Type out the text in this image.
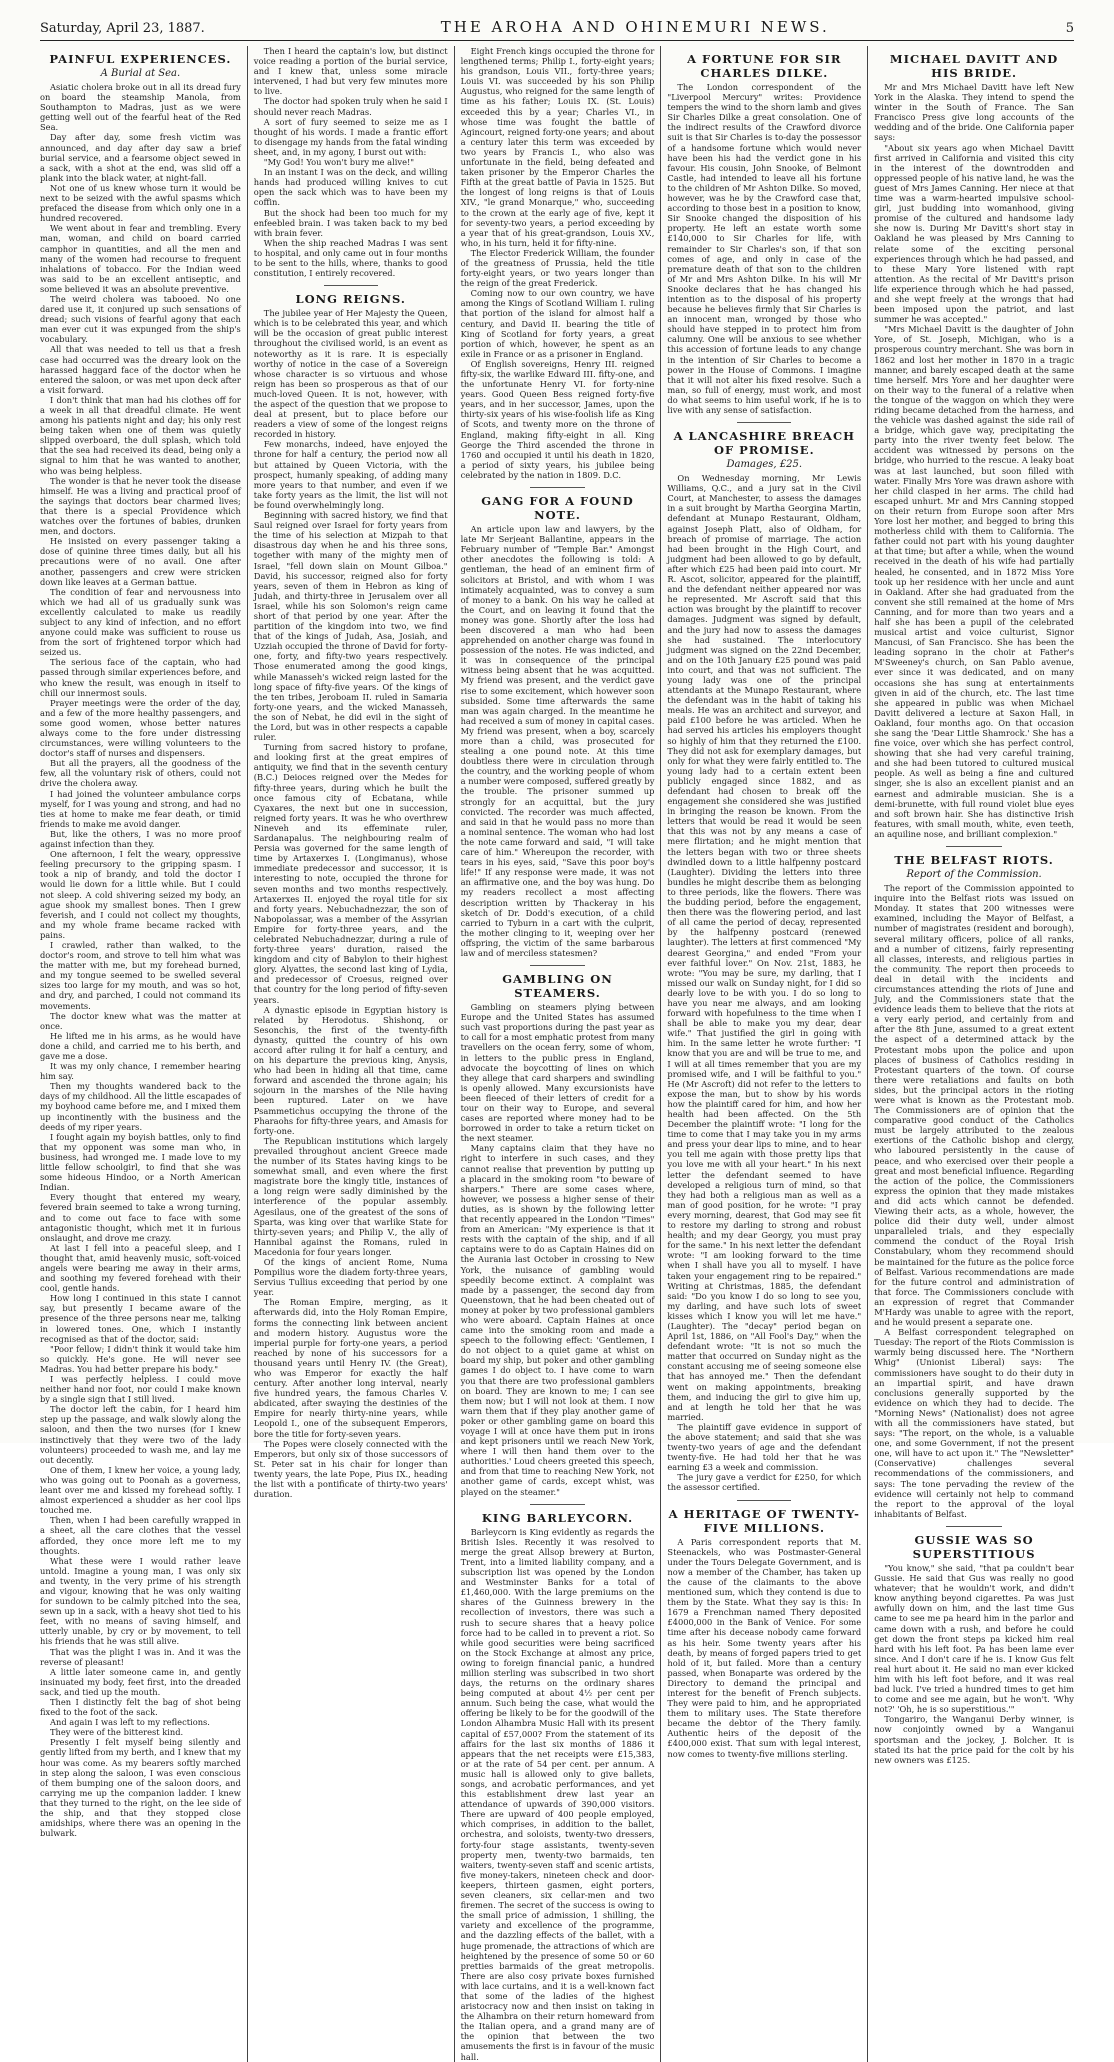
Saturday, April 23, 1887.	THE AROHA AND OHINEMURI NEWS.	5
PAINFUL EXPERIENCES.
A Burial at Sea.

Asiatic cholera broke out in all its dread fury on board the steamship Manola, from Southampton to Madras, just as we were getting well out of the fearful heat of the Red Sea.

Day after day, some fresh victim was announced, and day after day saw a brief burial service, and a fearsome object sewed in a sack, with a shot at the end, was slid off a plank into the black water, at night-fall.

Not one of us knew whose turn it would be next to be seized with the awful spasms which prefaced the disease from which only one in a hundred recovered.

We went about in fear and trembling. Every man, woman, and child on board carried camphor in quantities, and all the men and many of the women had recourse to frequent inhalations of tobacco. For the Indian weed was said to be an excellent antiseptic, and some believed it was an absolute preventive.

The weird cholera was tabooed. No one dared use it, it conjured up such sensations of dread; such visions of fearful agony that each man ever cut it was expunged from the ship's vocabulary.

All that was needed to tell us that a fresh case had occurred was the dreary look on the harassed haggard face of the doctor when he entered the saloon, or was met upon deck after a visit forward.

I don't think that man had his clothes off for a week in all that dreadful climate. He went among his patients night and day; his only rest being taken when one of them was quietly slipped overboard, the dull splash, which told that the sea had received its dead, being only a signal to him that he was wanted to another, who was being helpless.

The wonder is that he never took the disease himself. He was a living and practical proof of the sayings that doctors bear charmed lives; that there is a special Providence which watches over the fortunes of babies, drunken men, and doctors.

He insisted on every passenger taking a dose of quinine three times daily, but all his precautions were of no avail. One after another, passengers and crew were stricken down like leaves at a German battue.

The condition of fear and nervousness into which we had all of us gradually sunk was excellently calculated to make us readily subject to any kind of infection, and no effort anyone could make was sufficient to rouse us from the sort of frightened torpor which had seized us.

The serious face of the captain, who had passed through similar experiences before, and who knew the result, was enough in itself to chill our innermost souls.

Prayer meetings were the order of the day, and a few of the more healthy passengers, and some good women, whose better natures always come to the fore under distressing circumstances, were willing volunteers to the doctor's staff of nurses and dispensers.

But all the prayers, all the goodness of the few, all the voluntary risk of others, could not drive the cholera away.

I had joined the volunteer ambulance corps myself, for I was young and strong, and had no ties at home to make me fear death, or timid friends to make me avoid danger.

But, like the others, I was no more proof against infection than they.

One afternoon, I felt the weary, oppressive feeling precursory to the gripping spasm. I took a nip of brandy, and told the doctor I would lie down for a little while. But I could not sleep. A cold shivering seized my body, an ague shook my smallest bones. Then I grew feverish, and I could not collect my thoughts, and my whole frame became racked with pains.

I crawled, rather than walked, to the doctor's room, and strove to tell him what was the matter with me, but my forehead burned, and my tongue seemed to be swelled several sizes too large for my mouth, and was so hot, and dry, and parched, I could not command its movements.

The doctor knew what was the matter at once.

He lifted me in his arms, as he would have done a child, and carried me to his berth, and gave me a dose.

It was my only chance, I remember hearing him say.

Then my thoughts wandered back to the days of my childhood. All the little escapades of my boyhood came before me, and I mixed them up incontinently with the business and the deeds of my riper years.

I fought again my boyish battles, only to find that my opponent was some man who, in business, had wronged me. I made love to my little fellow schoolgirl, to find that she was some hideous Hindoo, or a North American Indian.

Every thought that entered my weary, fevered brain seemed to take a wrong turning, and to come out face to face with some antagonistic thought, which met it in furious onslaught, and drove me crazy.

At last I fell into a peaceful sleep, and I thought that, amid heavenly music, soft-voiced angels were bearing me away in their arms, and soothing my fevered forehead with their cool, gentle hands.

How long I continued in this state I cannot say, but presently I became aware of the presence of the three persons near me, talking in lowered tones. One, which I instantly recognised as that of the doctor, said:

"Poor fellow; I didn't think it would take him so quickly. He's gone. He will never see Madras. You had better prepare his body."

I was perfectly helpless. I could move neither hand nor foot, nor could I make known by a single sign that I still lived.

The doctor left the cabin, for I heard him step up the passage, and walk slowly along the saloon, and then the two nurses (for I knew instinctively that they were two of the lady volunteers) proceeded to wash me, and lay me out decently.

One of them, I knew her voice, a young lady, who was going out to Poonah as a governess, leant over me and kissed my forehead softly. I almost experienced a shudder as her cool lips touched me.

Then, when I had been carefully wrapped in a sheet, all the care clothes that the vessel afforded, they once more left me to my thoughts.

What these were I would rather leave untold. Imagine a young man, I was only six and twenty, in the very prime of his strength and vigour, knowing that he was only waiting for sundown to be calmly pitched into the sea, sewn up in a sack, with a heavy shot tied to his feet, with no means of saving himself, and utterly unable, by cry or by movement, to tell his friends that he was still alive.

That was the plight I was in. And it was the reverse of pleasant!

A little later someone came in, and gently insinuated my body, feet first, into the dreaded sack, and tied up the mouth.

Then I distinctly felt the bag of shot being fixed to the foot of the sack.

And again I was left to my reflections.

They were of the bitterest kind.

Presently I felt myself being silently and gently lifted from my berth, and I knew that my hour was come. As my bearers softly marched in step along the saloon, I was even conscious of them bumping one of the saloon doors, and carrying me up the companion ladder. I knew that they turned to the right, on the lee side of the ship, and that they stopped close amidships, where there was an opening in the bulwark.

Then I heard the captain's low, but distinct voice reading a portion of the burial service, and I knew that, unless some miracle intervened, I had but very few minutes more to live.

The doctor had spoken truly when he said I should never reach Madras.

A sort of fury seemed to seize me as I thought of his words. I made a frantic effort to disengage my hands from the fatal winding sheet, and, in my agony, I burst out with:

"My God! You won't bury me alive!"

In an instant I was on the deck, and willing hands had produced willing knives to cut open the sack which was to have been my coffin.

But the shock had been too much for my enfeebled brain. I was taken back to my bed with brain fever.

When the ship reached Madras I was sent to hospital, and only came out in four months to be sent to the hills, where, thanks to good constitution, I entirely recovered.

LONG REIGNS.

The jubilee year of Her Majesty the Queen, which is to be celebrated this year, and which will be the occasion of great public interest throughout the civilised world, is an event as noteworthy as it is rare. It is especially worthy of notice in the case of a Sovereign whose character is so virtuous and whose reign has been so prosperous as that of our much-loved Queen. It is not, however, with the aspect of the question that we propose to deal at present, but to place before our readers a view of some of the longest reigns recorded in history.

Few monarchs, indeed, have enjoyed the throne for half a century, the period now all but attained by Queen Victoria, with the prospect, humanly speaking, of adding many more years to that number, and even if we take forty years as the limit, the list will not be found overwhelmingly long.

Beginning with sacred history, we find that Saul reigned over Israel for forty years from the time of his selection at Mizpah to that disastrous day when he and his three sons, together with many of the mighty men of Israel, "fell down slain on Mount Gilboa." David, his successor, reigned also for forty years, seven of them in Hebron as king of Judah, and thirty-three in Jerusalem over all Israel, while his son Solomon's reign came short of that period by one year. After the partition of the kingdom into two, we find that of the kings of Judah, Asa, Josiah, and Uzziah occupied the throne of David for forty-one, forty, and fifty-two years respectively. Those enumerated among the good kings, while Manasseh's wicked reign lasted for the long space of fifty-five years. Of the kings of the ten tribes, Jeroboam II. ruled in Samaria forty-one years, and the wicked Manasseh, the son of Nebat, he did evil in the sight of the Lord, but was in other respects a capable ruler.

Turning from sacred history to profane, and looking first at the great empires of antiquity, we find that in the seventh century (B.C.) Deioces reigned over the Medes for fifty-three years, during which he built the once famous city of Ecbatana, while Cyaxares, the next but one in succession, reigned forty years. It was he who overthrew Nineveh and its effeminate ruler, Sardanapalus. The neighbouring realm of Persia was governed for the same length of time by Artaxerxes I. (Longimanus), whose immediate predecessor and successor, it is interesting to note, occupied the throne for seven months and two months respectively. Artaxerxes II. enjoyed the royal title for six and forty years. Nebuchadnezzar, the son of Nabopolassar, was a member of the Assyrian Empire for forty-three years, and the celebrated Nebuchadnezzar, during a rule of forty-three years' duration, raised the kingdom and city of Babylon to their highest glory. Alyattes, the second last king of Lydia, and predecessor of Croesus, reigned over that country for the long period of fifty-seven years.

A dynastic episode in Egyptian history is related by Herodotus. Shishonq, or Sesonchis, the first of the twenty-fifth dynasty, quitted the country of his own accord after ruling it for half a century, and on his departure the previous king, Anysis, who had been in hiding all that time, came forward and ascended the throne again; his sojourn in the marshes of the Nile having been ruptured. Later on we have Psammetichus occupying the throne of the Pharaohs for fifty-three years, and Amasis for forty-one.

The Republican institutions which largely prevailed throughout ancient Greece made the number of its States having kings to be somewhat small, and even where the first magistrate bore the kingly title, instances of a long reign were sadly diminished by the interference of the popular assembly. Agesilaus, one of the greatest of the sons of Sparta, was king over that warlike State for thirty-seven years; and Philip V., the ally of Hannibal against the Romans, ruled in Macedonia for four years longer.

Of the kings of ancient Rome, Numa Pompilius wore the diadem forty-three years, Servius Tullius exceeding that period by one year.

The Roman Empire, merging, as it afterwards did, into the Holy Roman Empire, forms the connecting link between ancient and modern history. Augustus wore the imperial purple for forty-one years, a period reached by none of his successors for a thousand years until Henry IV. (the Great), who was Emperor for exactly the half century. After another long interval, nearly five hundred years, the famous Charles V. abdicated, after swaying the destinies of the Empire for nearly thirty-nine years, while Leopold I., one of the subsequent Emperors, bore the title for forty-seven years.

The Popes were closely connected with the Emperors, but only six of those successors of St. Peter sat in his chair for longer than twenty years, the late Pope, Pius IX., heading the list with a pontificate of thirty-two years' duration.

Eight French kings occupied the throne for lengthened terms; Philip I., forty-eight years; his grandson, Louis VII., forty-three years; Louis VI. was succeeded by his son Philip Augustus, who reigned for the same length of time as his father; Louis IX. (St. Louis) exceeded this by a year; Charles VI., in whose time was fought the battle of Agincourt, reigned forty-one years; and about a century later this term was exceeded by two years by Francis I., who also was unfortunate in the field, being defeated and taken prisoner by the Emperor Charles the Fifth at the great battle of Pavia in 1525. But the longest of long reigns is that of Louis XIV., "le grand Monarque," who, succeeding to the crown at the early age of five, kept it for seventy-two years, a period exceeding by a year that of his great-grandson, Louis XV., who, in his turn, held it for fifty-nine.

The Elector Frederick William, the founder of the greatness of Prussia, held the title forty-eight years, or two years longer than the reign of the great Frederick.

Coming now to our own country, we have among the Kings of Scotland William I. ruling that portion of the island for almost half a century, and David II. bearing the title of King of Scotland for forty years, a great portion of which, however, he spent as an exile in France or as a prisoner in England.

Of English sovereigns, Henry III. reigned fifty-six, the warlike Edward III. fifty-one, and the unfortunate Henry VI. for forty-nine years. Good Queen Bess reigned forty-five years, and in her successor, James, upon the thirty-six years of his wise-foolish life as King of Scots, and twenty more on the throne of England, making fifty-eight in all. King George the Third ascended the throne in 1760 and occupied it until his death in 1820, a period of sixty years, his jubilee being celebrated by the nation in 1809. D.C.

GANG FOR A FOUND NOTE.

An article upon law and lawyers, by the late Mr Serjeant Ballantine, appears in the February number of "Temple Bar." Amongst other anecdotes the following is told: A gentleman, the head of an eminent firm of solicitors at Bristol, and with whom I was intimately acquainted, was to convey a sum of money to a bank. On his way he called at the Court, and on leaving it found that the money was gone. Shortly after the loss had been discovered a man who had been apprehended on another charge was found in possession of the notes. He was indicted, and it was in consequence of the principal witness being absent that he was acquitted. My friend was present, and the verdict gave rise to some excitement, which however soon subsided. Some time afterwards the same man was again charged. In the meantime he had received a sum of money in capital cases. My friend was present, when a boy, scarcely more than a child, was prosecuted for stealing a one pound note. At this time doubtless there were in circulation through the country, and the working people of whom a number were composed, suffered greatly by the trouble. The prisoner summed up strongly for an acquittal, but the jury convicted. The recorder was much affected, and said in that he would pass no more than a nominal sentence. The woman who had lost the note came forward and said, "I will take care of him." Whereupon the recorder, with tears in his eyes, said, "Save this poor boy's life!" If any response were made, it was not an affirmative one, and the boy was hung. Do my readers recollect a most affecting description written by Thackeray in his sketch of Dr. Dodd's execution, of a child carried to Tyburn in a cart with the culprit, the mother clinging to it, weeping over her offspring, the victim of the same barbarous law and of merciless statesmen?

GAMBLING ON STEAMERS.

Gambling on steamers plying between Europe and the United States has assumed such vast proportions during the past year as to call for a most emphatic protest from many travellers on the ocean ferry, some of whom, in letters to the public press in England, advocate the boycotting of lines on which they allege that card sharpers and swindling is openly allowed. Many excursionists have been fleeced of their letters of credit for a tour on their way to Europe, and several cases are reported where money had to be borrowed in order to take a return ticket on the next steamer.

Many captains claim that they have no right to interfere in such cases, and they cannot realise that prevention by putting up a placard in the smoking room "to beware of sharpers." There are some cases where, however, we possess a higher sense of their duties, as is shown by the following letter that recently appeared in the London "Times" from an American: "My experience is that it rests with the captain of the ship, and if all captains were to do as Captain Haines did on the Aurania last October in crossing to New York, the nuisance of gambling would speedily become extinct. A complaint was made by a passenger, the second day from Queenstown, that he had been cheated out of money at poker by two professional gamblers who were aboard. Captain Haines at once came into the smoking room and made a speech to the following effect: 'Gentlemen, I do not object to a quiet game at whist on board my ship, but poker and other gambling games I do object to. I have come to warn you that there are two professional gamblers on board. They are known to me; I can see them now; but I will not look at them. I now warn them that if they play another game of poker or other gambling game on board this voyage I will at once have them put in irons and kept prisoners until we reach New York, where I will then hand them over to the authorities.' Loud cheers greeted this speech, and from that time to reaching New York, not another game of cards, except whist, was played on the steamer."

KING BARLEYCORN.

Barleycorn is King evidently as regards the British Isles. Recently it was resolved to merge the great Allsop brewery at Burton, Trent, into a limited liability company, and a subscription list was opened by the London and Westminster Banks for a total of £1,460,000. With the large premiums on the shares of the Guinness brewery in the recollection of investors, there was such a rush to secure shares that a heavy police force had to be called in to prevent a riot. So while good securities were being sacrificed on the Stock Exchange at almost any price, owing to foreign financial panic, a hundred million sterling was subscribed in two short days, the returns on the ordinary shares being computed at about 4½ per cent per annum. Such being the case, what would the offering be likely to be for the goodwill of the London Alhambra Music Hall with its present capital of £57,000? From the statement of its affairs for the last six months of 1886 it appears that the net receipts were £15,383, or at the rate of 54 per cent. per annum. A music hall is allowed only to give ballets, songs, and acrobatic performances, and yet this establishment drew last year an attendance of upwards of 390,000 visitors. There are upward of 400 people employed, which comprises, in addition to the ballet, orchestra, and soloists, twenty-two dressers, forty-four stage assistants, twenty-seven property men, twenty-two barmaids, ten waiters, twenty-seven staff and scenic artists, five money-takers, nineteen check and door-keepers, thirteen gasmen, eight porters, seven cleaners, six cellar-men and two firemen. The secret of the success is owing to the small price of admission, 1 shilling, the variety and excellence of the programme, and the dazzling effects of the ballet, with a huge promenade, the attractions of which are heightened by the presence of some 50 or 60 pretties barmaids of the great metropolis. There are also cosy private boxes furnished with lace curtains, and it is a well-known fact that some of the ladies of the highest aristocracy now and then insist on taking in the Alhambra on their return homeward from the Italian opera, and a grand many are of the opinion that between the two amusements the first is in favour of the music hall.

A FORTUNE FOR SIR CHARLES DILKE.

The London correspondent of the "Liverpool Mercury" writes: Providence tempers the wind to the shorn lamb and gives Sir Charles Dilke a great consolation. One of the indirect results of the Crawford divorce suit is that Sir Charles is to-day the possessor of a handsome fortune which would never have been his had the verdict gone in his favour. His cousin, John Snooke, of Belmont Castle, had intended to leave all his fortune to the children of Mr Ashton Dilke. So moved, however, was he by the Crawford case that, according to those best in a position to know, Sir Snooke changed the disposition of his property. He left an estate worth some £140,000 to Sir Charles for life, with remainder to Sir Charles's son, if that son comes of age, and only in case of the premature death of that son to the children of Mr and Mrs Ashton Dilke. In his will Mr Snooke declares that he has changed his intention as to the disposal of his property because he believes firmly that Sir Charles is an innocent man, wronged by those who should have stepped in to protect him from calumny. One will be anxious to see whether this accession of fortune leads to any change in the intention of Sir Charles to become a power in the House of Commons. I imagine that it will not alter his fixed resolve. Such a man, so full of energy, must work, and most do what seems to him useful work, if he is to live with any sense of satisfaction.

A LANCASHIRE BREACH OF PROMISE.
Damages, £25.

On Wednesday morning, Mr Lewis Williams, Q.C., and a jury sat in the Civil Court, at Manchester, to assess the damages in a suit brought by Martha Georgina Martin, defendant at Munapo Restaurant, Oldham, against Joseph Platt, also of Oldham, for breach of promise of marriage. The action had been brought in the High Court, and judgment had been allowed to go by default, after which £25 had been paid into court. Mr R. Ascot, solicitor, appeared for the plaintiff, and the defendant neither appeared nor was he represented. Mr Ascroft said that this action was brought by the plaintiff to recover damages. Judgment was signed by default, and the jury had now to assess the damages she had sustained. The interlocutory judgment was signed on the 22nd December, and on the 10th January £25 pound was paid into court, and that was not sufficient. The young lady was one of the principal attendants at the Munapo Restaurant, where the defendant was in the habit of taking his meals. He was an architect and surveyor, and paid £100 before he was articled. When he had served his articles his employers thought so highly of him that they returned the £100. They did not ask for exemplary damages, but only for what they were fairly entitled to. The young lady had to a certain extent been publicly engaged since 1882, and as defendant had chosen to break off the engagement she considered she was justified in bringing the reason be known. From the letters that would be read it would be seen that this was not by any means a case of mere flirtation; and he might mention that the letters began with two or three sheets dwindled down to a little halfpenny postcard (Laughter). Dividing the letters into three bundles he might describe them as belonging to three periods, like the flowers. There was the budding period, before the engagement, then there was the flowering period, and last of all came the period of decay, represented by the halfpenny postcard (renewed laughter). The letters at first commenced "My dearest Georgina," and ended "From your ever faithful lover." On Nov. 21st, 1883, he wrote: "You may be sure, my darling, that I missed our walk on Sunday night, for I did so dearly love to be with you. I do so long to have you near me always, and am looking forward with hopefulness to the time when I shall be able to make you my dear, dear wife." That justified the girl in going with him. In the same letter he wrote further: "I know that you are and will be true to me, and I will at all times remember that you are my promised wife, and I will be faithful to you." He (Mr Ascroft) did not refer to the letters to expose the man, but to show by his words how the plaintiff cared for him, and how her health had been affected. On the 5th December the plaintiff wrote: "I long for the time to come that I may take you in my arms and press your dear lips to mine, and to hear you tell me again with those pretty lips that you love me with all your heart." In his next letter the defendant seemed to have developed a religious turn of mind, so that they had both a religious man as well as a man of good position, for he wrote: "I pray every morning, dearest, that God may see fit to restore my darling to strong and robust health; and my dear Georgy, you must pray for the same." In his next letter the defendant wrote: "I am looking forward to the time when I shall have you all to myself. I have taken your engagement ring to be repaired." Writing at Christmas, 1885, the defendant said: "Do you know I do so long to see you, my darling, and have such lots of sweet kisses which I know you will let me have." (Laughter). The "decay" period began on April 1st, 1886, on "All Fool's Day," when the defendant wrote: "It is not so much the matter that occurred on Sunday night as the constant accusing me of seeing someone else that has annoyed me." Then the defendant went on making appointments, breaking them, and inducing the girl to give him up, and at length he told her that he was married.

The plaintiff gave evidence in support of the above statement; and said that she was twenty-two years of age and the defendant twenty-five. He had told her that he was earning £3 a week and commission.

The jury gave a verdict for £250, for which the assessor certified.

A HERITAGE OF TWENTY-FIVE MILLIONS.

A Paris correspondent reports that M. Steenackels, who was Postmaster-General under the Tours Delegate Government, and is now a member of the Chamber, has taken up the cause of the claimants to the above mentioned sum, which they contend is due to them by the State. What they say is this: In 1679 a Frenchman named Thery deposited £4000,000 in the Bank of Venice. For some time after his decease nobody came forward as his heir. Some twenty years after his death, by means of forged papers tried to get hold of it, but failed. More than a century passed, when Bonaparte was ordered by the Directory to demand the principal and interest for the benefit of French subjects. They were paid to him, and he appropriated them to military uses. The State therefore became the debtor of the Thery family. Authentic heirs of the deposit of the £400,000 exist. That sum with legal interest, now comes to twenty-five millions sterling.

MICHAEL DAVITT AND HIS BRIDE.

Mr and Mrs Michael Davitt have left New York in the Alaska. They intend to spend the winter in the South of France. The San Francisco Press give long accounts of the wedding and of the bride. One California paper says:

"About six years ago when Michael Davitt first arrived in California and visited this city in the interest of the downtrodden and oppressed people of his native land, he was the guest of Mrs James Canning. Her niece at that time was a warm-hearted impulsive school-girl, just budding into womanhood, giving promise of the cultured and handsome lady she now is. During Mr Davitt's short stay in Oakland he was pleased by Mrs Canning to relate some of the exciting personal experiences through which he had passed, and to these Mary Yore listened with rapt attention. As the recital of Mr Davitt's prison life experience through which he had passed, and she wept freely at the wrongs that had been imposed upon the patriot, and last summer he was accepted."

"Mrs Michael Davitt is the daughter of John Yore, of St. Joseph, Michigan, who is a prosperous country merchant. She was born in 1862 and lost her mother in 1870 in a tragic manner, and barely escaped death at the same time herself. Mrs Yore and her daughter were on their way to the funeral of a relative when the tongue of the waggon on which they were riding became detached from the harness, and the vehicle was dashed against the side rail of a bridge, which gave way, precipitating the party into the river twenty feet below. The accident was witnessed by persons on the bridge, who hurried to the rescue. A leaky boat was at last launched, but soon filled with water. Finally Mrs Yore was drawn ashore with her child clasped in her arms. The child had escaped unhurt. Mr and Mrs Canning stopped on their return from Europe soon after Mrs Yore lost her mother, and begged to bring this motherless child with them to California. The father could not part with his young daughter at that time; but after a while, when the wound received in the death of his wife had partially healed, he consented, and in 1872 Miss Yore took up her residence with her uncle and aunt in Oakland. After she had graduated from the convent she still remained at the home of Mrs Canning, and for more than two years and a half she has been a pupil of the celebrated musical artist and voice culturist, Signor Mancusi, of San Francisco. She has been the leading soprano in the choir at Father's M'Sweeney's church, on San Pablo avenue, ever since it was dedicated, and on many occasions she has sung at entertainments given in aid of the church, etc. The last time she appeared in public was when Michael Davitt delivered a lecture at Saxon Hall, in Oakland, four months ago. On that occasion she sang the 'Dear Little Shamrock.' She has a fine voice, over which she has perfect control, showing that she had very careful training, and she had been tutored to cultured musical people. As well as being a fine and cultured singer, she is also an excellent pianist and an earnest and admirable musician. She is a demi-brunette, with full round violet blue eyes and soft brown hair. She has distinctive Irish features, with small mouth, white, even teeth, an aquiline nose, and brilliant complexion."

THE BELFAST RIOTS.
Report of the Commission.

The report of the Commission appointed to inquire into the Belfast riots was issued on Monday. It states that 200 witnesses were examined, including the Mayor of Belfast, a number of magistrates (resident and borough), several military officers, police of all ranks, and a number of citizens, fairly representing all classes, interests, and religious parties in the community. The report then proceeds to deal in detail with the incidents and circumstances attending the riots of June and July, and the Commissioners state that the evidence leads them to believe that the riots at a very early period, and certainly from and after the 8th June, assumed to a great extent the aspect of a determined attack by the Protestant mobs upon the police and upon places of business of Catholics residing in Protestant quarters of the town. Of course there were retaliations and faults on both sides, but the principal actors in the rioting were what is known as the Protestant mob. The Commissioners are of opinion that the comparative good conduct of the Catholics must be largely attributed to the zealous exertions of the Catholic bishop and clergy, who laboured persistently in the cause of peace, and who exercised over their people a great and most beneficial influence. Regarding the action of the police, the Commissioners express the opinion that they made mistakes and did acts which cannot be defended. Viewing their acts, as a whole, however, the police did their duty well, under almost unparalleled trials, and they especially commend the conduct of the Royal Irish Constabulary, whom they recommend should be maintained for the future as the police force of Belfast. Various recommendations are made for the future control and administration of that force. The Commissioners conclude with an expression of regret that Commander M'Hardy was unable to agree with the report, and he would present a separate one.

A Belfast correspondent telegraphed on Tuesday: The report of the Riots Commission is warmly being discussed here. The "Northern Whig" (Unionist Liberal) says: The commissioners have sought to do their duty in an impartial spirit, and have drawn conclusions generally supported by the evidence on which they had to decide. The "Morning News" (Nationalist) does not agree with all the commissioners have stated, but says: "The report, on the whole, is a valuable one, and some Government, if not the present one, will have to act upon it." The "Newsletter" (Conservative) challenges several recommendations of the commissioners, and says: The tone pervading the review of the evidence will certainly not help to command the report to the approval of the loyal inhabitants of Belfast.

GUSSIE WAS SO SUPERSTITIOUS

"You know," she said, "that pa couldn't bear Gussie. He said that Gus was really no good whatever; that he wouldn't work, and didn't know anything beyond cigarettes. Pa was just awfully down on him, and the last time Gus came to see me pa heard him in the parlor and came down with a rush, and before he could get down the front steps pa kicked him real hard with his left foot. Pa has been lame ever since. And I don't care if he is. I know Gus felt real hurt about it. He said no man ever kicked him with his left foot before, and it was real bad luck. I've tried a hundred times to get him to come and see me again, but he won't. 'Why not?' 'Oh, he is so superstitious.'"

Tongariro, the Wanganui Derby winner, is now conjointly owned by a Wanganui sportsman and the jockey, J. Bolcher. It is stated its hat the price paid for the colt by his new owners was £125.
